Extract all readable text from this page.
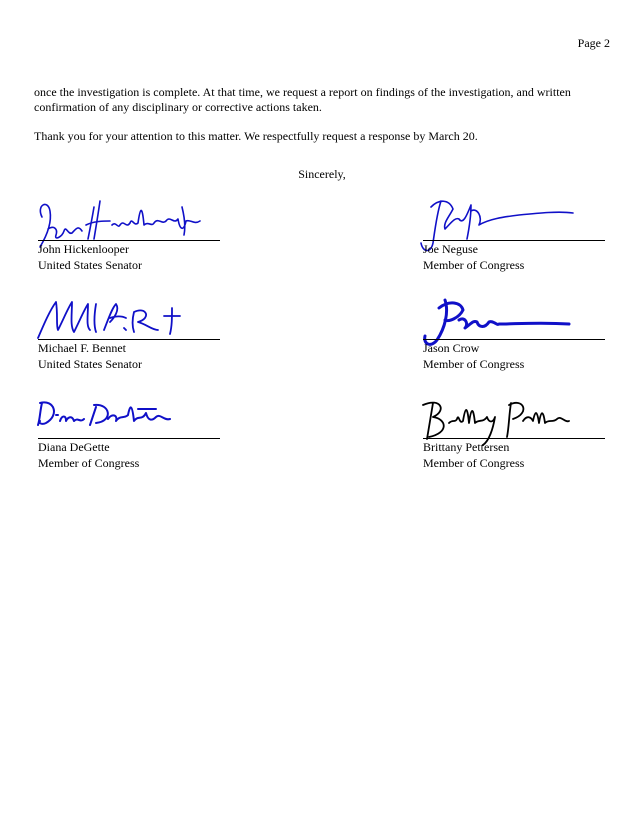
Page 2
once the investigation is complete. At that time, we request a report on findings of the investigation, and written confirmation of any disciplinary or corrective actions taken.
Thank you for your attention to this matter. We respectfully request a response by March 20.
Sincerely,
John Hickenlooper
United States Senator
Joe Neguse
Member of Congress
Michael F. Bennet
United States Senator
Jason Crow
Member of Congress
Diana DeGette
Member of Congress
Brittany Pettersen
Member of Congress
